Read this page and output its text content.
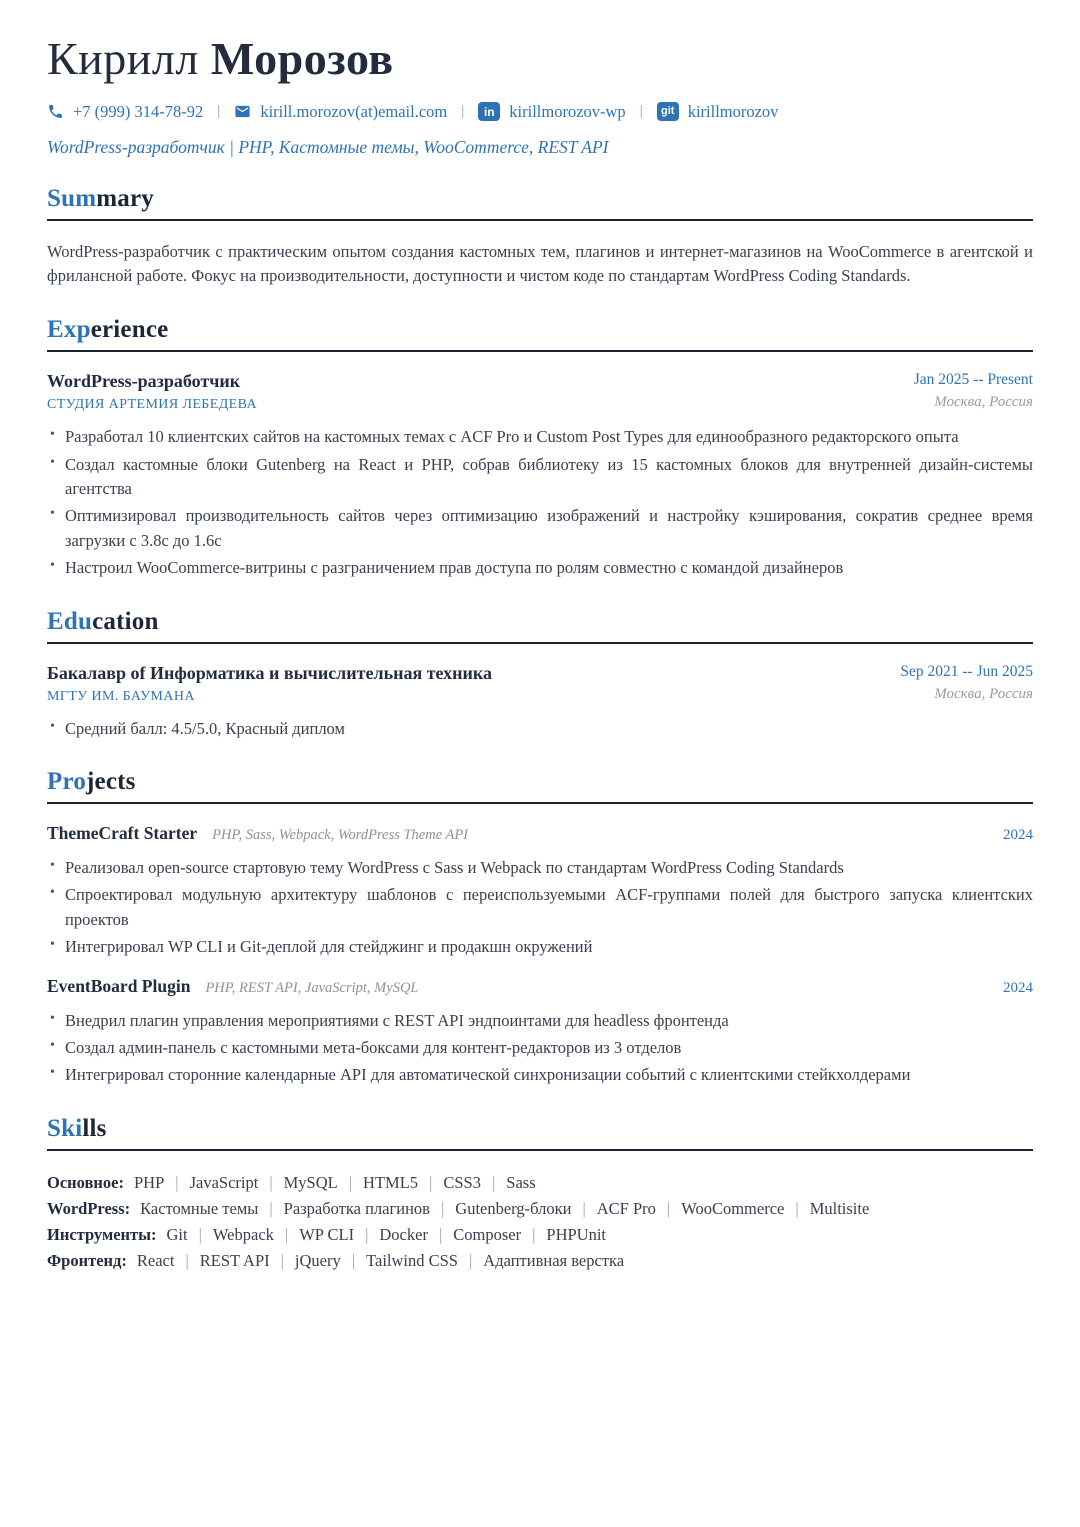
Кирилл Морозов
+7 (999) 314-78-92 | kirill.morozov(at)email.com |	in kirillmorozov-wp |	git kirillmorozov
WordPress-разработчик | PHP, Кастомные темы, WooCommerce, REST API
Summary

WordPress-разработчик с практическим опытом создания кастомных тем, плагинов и интернет-магазинов на WooCommerce в агентской и фрилансной работе. Фокус на производительности, доступности и чистом коде по стандартам WordPress Coding Standards.

Experience
WordPress-разработчик
СТУДИЯ АРТЕМИЯ ЛЕБЕДЕВА
Jan 2025 -- Present
Москва, Россия
• Разработал 10 клиентских сайтов на кастомных темах с ACF Pro и Custom Post Types для единообразного редакторского опыта
• Создал кастомные блоки Gutenberg на React и PHP, собрав библиотеку из 15 кастомных блоков для внутренней дизайн-системы агентства
• Оптимизировал производительность сайтов через оптимизацию изображений и настройку кэширования, сократив среднее время загрузки с 3.8с до 1.6с
• Настроил WooCommerce-витрины с разграничением прав доступа по ролям совместно с командой дизайнеров
Education
Бакалавр of Информатика и вычислительная техника
МГТУ ИМ. БАУМАНА
Sep 2021 -- Jun 2025
Москва, Россия
• Средний балл: 4.5/5.0, Красный диплом
Projects
ThemeCraft Starter PHP, Sass, Webpack, WordPress Theme API	2024
• Реализовал open-source стартовую тему WordPress с Sass и Webpack по стандартам WordPress Coding Standards
• Спроектировал модульную архитектуру шаблонов с переиспользуемыми ACF-группами полей для быстрого запуска клиентских проектов
• Интегрировал WP CLI и Git-деплой для стейджинг и продакшн окружений
EventBoard Plugin PHP, REST API, JavaScript, MySQL	2024
• Внедрил плагин управления мероприятиями с REST API эндпоинтами для headless фронтенда
• Создал админ-панель с кастомными мета-боксами для контент-редакторов из 3 отделов
• Интегрировал сторонние календарные API для автоматической синхронизации событий с клиентскими стейкхолдерами
Skills
Основное: PHP | JavaScript | MySQL | HTML5 | CSS3 | Sass
WordPress: Кастомные темы | Разработка плагинов | Gutenberg-блоки | ACF Pro | WooCommerce | Multisite
Инструменты: Git | Webpack | WP CLI | Docker | Composer | PHPUnit
Фронтенд: React | REST API | jQuery | Tailwind CSS | Адаптивная верстка
